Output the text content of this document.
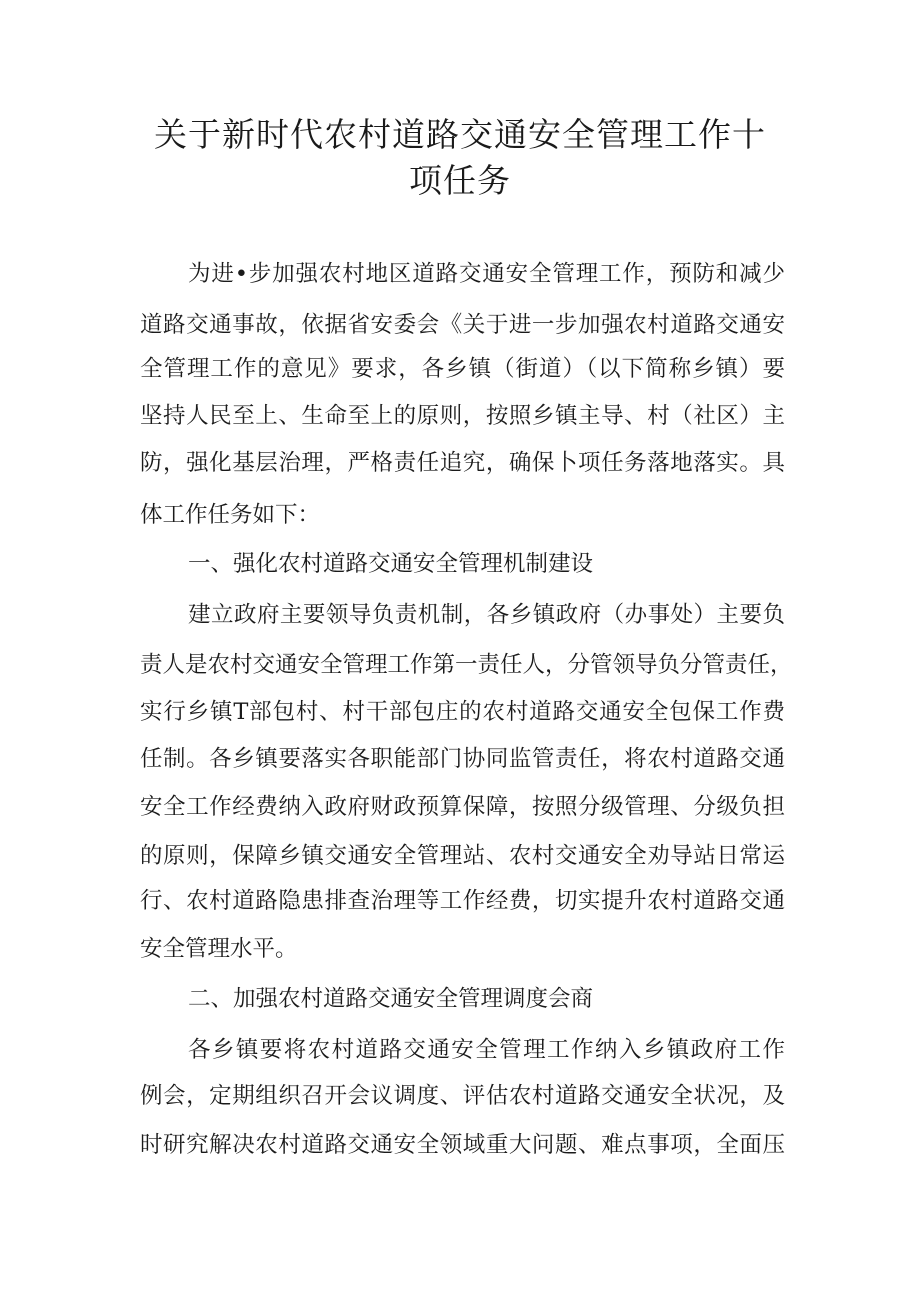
关于新时代农村道路交通安全管理工作十
项任务

为进•步加强农村地区道路交通安全管理工作，预防和减少

道路交通事故，依据省安委会《关于进一步加强农村道路交通安

全管理工作的意见》要求，各乡镇（街道）（以下简称乡镇）要

坚持人民至上、生命至上的原则，按照乡镇主导、村（社区）主

防，强化基层治理，严格责任追究，确保卜项任务落地落实。具

体工作任务如下：

一、强化农村道路交通安全管理机制建设

建立政府主要领导负责机制，各乡镇政府（办事处）主要负

责人是农村交通安全管理工作第一责任人，分管领导负分管责任，

实行乡镇T部包村、村干部包庄的农村道路交通安全包保工作费

任制。各乡镇要落实各职能部门协同监管责任，将农村道路交通

安全工作经费纳入政府财政预算保障，按照分级管理、分级负担

的原则，保障乡镇交通安全管理站、农村交通安全劝导站日常运

行、农村道路隐患排查治理等工作经费，切实提升农村道路交通

安全管理水平。

二、加强农村道路交通安全管理调度会商

各乡镇要将农村道路交通安全管理工作纳入乡镇政府工作

例会，定期组织召开会议调度、评估农村道路交通安全状况，及

时研究解决农村道路交通安全领域重大问题、难点事项，全面压
